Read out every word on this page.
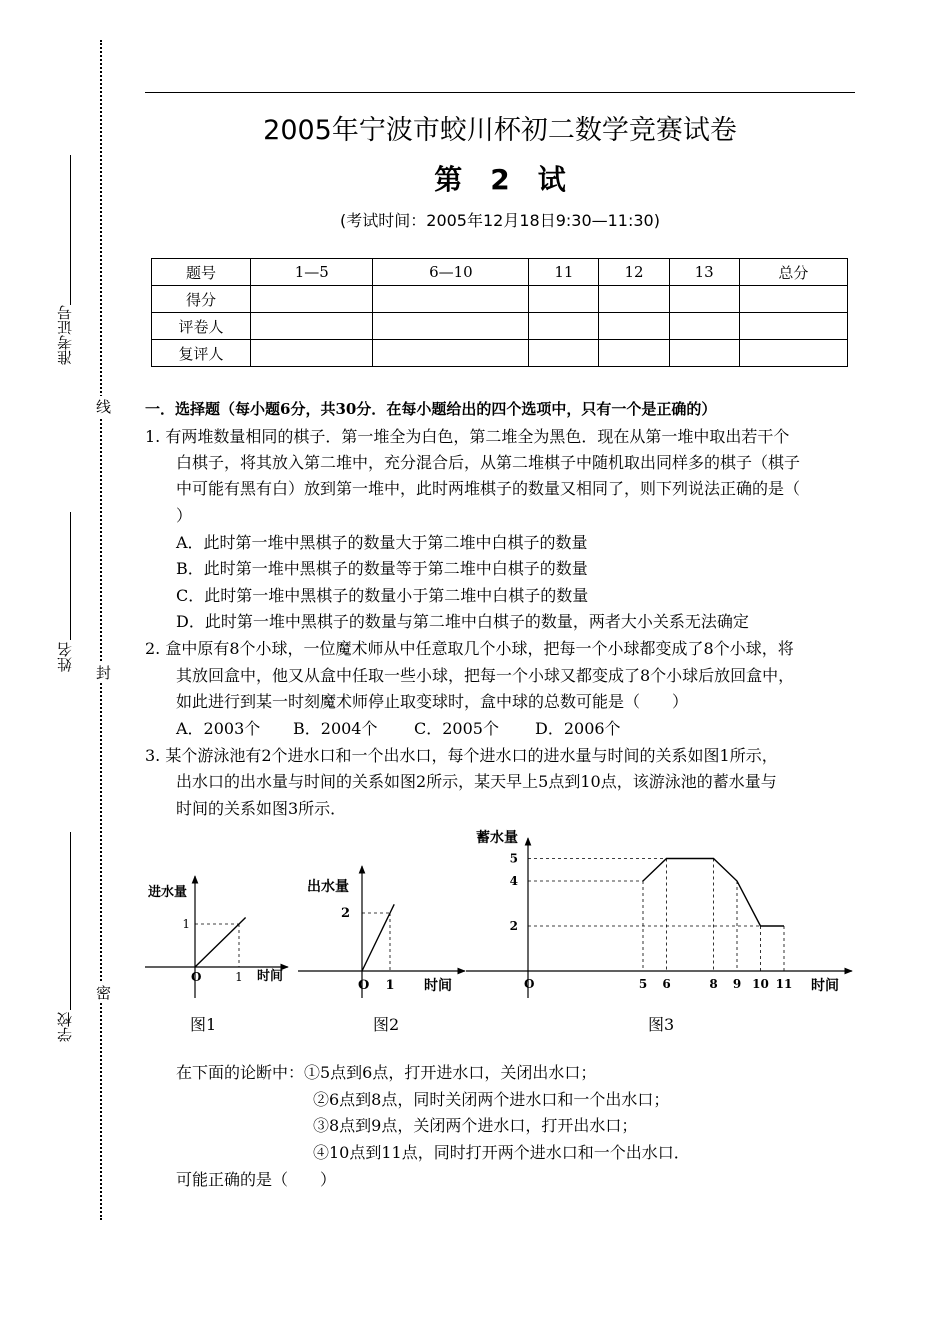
准考证号
姓名
学校
线
封
密
2005年宁波市蛟川杯初二数学竞赛试卷
第　2　试
(考试时间：2005年12月18日9:30—11:30)
题号	1—5	6—10	11	12	13	总分
得分						
评卷人						
复评人						
一．选择题（每小题6分，共30分．在每小题给出的四个选项中，只有一个是正确的）
1. 有两堆数量相同的棋子．第一堆全为白色，第二堆全为黑色．现在从第一堆中取出若干个
白棋子，将其放入第二堆中，充分混合后，从第二堆棋子中随机取出同样多的棋子（棋子
中可能有黑有白）放到第一堆中，此时两堆棋子的数量又相同了，则下列说法正确的是（
）
A．此时第一堆中黑棋子的数量大于第二堆中白棋子的数量
B．此时第一堆中黑棋子的数量等于第二堆中白棋子的数量
C．此时第一堆中黑棋子的数量小于第二堆中白棋子的数量
D．此时第一堆中黑棋子的数量与第二堆中白棋子的数量，两者大小关系无法确定
2. 盒中原有8个小球，一位魔术师从中任意取几个小球，把每一个小球都变成了8个小球，将
其放回盒中，他又从盒中任取一些小球，把每一个小球又都变成了8个小球后放回盒中，
如此进行到某一时刻魔术师停止取变球时，盒中球的总数可能是（　　）
A．2003个 B．2004个 C．2005个 D．2006个
3. 某个游泳池有2个进水口和一个出水口，每个进水口的进水量与时间的关系如图1所示，
出水口的出水量与时间的关系如图2所示，某天早上5点到10点，该游泳池的蓄水量与
时间的关系如图3所示．
进水量
时间
O
1
1
出水量
时间
O
2
1
蓄水量
时间
O
2
4
5
5 6	8 9 10 11
图1	图2	图3
在下面的论断中：①5点到6点，打开进水口，关闭出水口；
②6点到8点，同时关闭两个进水口和一个出水口；
③8点到9点，关闭两个进水口，打开出水口；
④10点到11点，同时打开两个进水口和一个出水口．
可能正确的是（　　）
